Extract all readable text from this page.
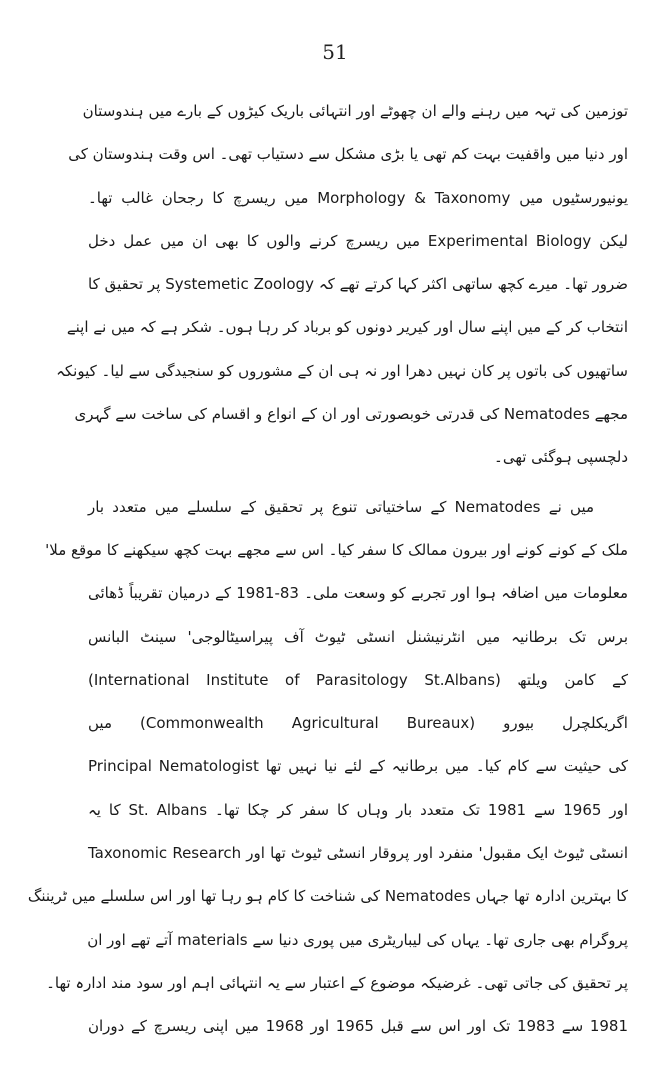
51
توزمین کی تہہ میں رہنے والے ان چھوٹے اور انتہائی باریک کیڑوں کے بارے میں ہندوستان
اور دنیا میں واقفیت بہت کم تھی یا بڑی مشکل سے دستیاب تھی۔ اس وقت ہندوستان کی
یونیورسٹیوں میں Morphology & Taxonomy میں ریسرچ کا رجحان غالب تھا۔
لیکن Experimental Biology میں ریسرچ کرنے والوں کا بھی ان میں عمل دخل
ضرور تھا۔ میرے کچھ ساتھی اکثر کہا کرتے تھے کہ Systemetic Zoology پر تحقیق کا
انتخاب کر کے میں اپنے سال اور کیریر دونوں کو برباد کر رہا ہوں۔ شکر ہے کہ میں نے اپنے
ساتھیوں کی باتوں پر کان نہیں دھرا اور نہ ہی ان کے مشوروں کو سنجیدگی سے لیا۔ کیونکہ
مجھے Nematodes کی قدرتی خوبصورتی اور ان کے انواع و اقسام کی ساخت سے گہری
دلچسپی ہوگئی تھی۔
میں نے Nematodes کے ساختیاتی تنوع پر تحقیق کے سلسلے میں متعدد بار
ملک کے کونے کونے اور بیرون ممالک کا سفر کیا۔ اس سے مجھے بہت کچھ سیکھنے کا موقع ملا'
معلومات میں اضافہ ہوا اور تجربے کو وسعت ملی۔ 83-1981 کے درمیان تقریباً ڈھائی
برس تک برطانیہ میں انٹرنیشنل انسٹی ٹیوٹ آف پیراسیٹالوجی' سینٹ البانس
(International Institute of Parasitology St.Albans) کے کامن ویلتھ
اگریکلچرل بیورو (Commonwealth Agricultural Bureaux) میں
Principal Nematologist کی حیثیت سے کام کیا۔ میں برطانیہ کے لئے نیا نہیں تھا
اور 1965 سے 1981 تک متعدد بار وہاں کا سفر کر چکا تھا۔ St. Albans کا یہ
انسٹی ٹیوٹ ایک مقبول' منفرد اور پروقار انسٹی ٹیوٹ تھا اور Taxonomic Research
کا بہترین ادارہ تھا جہاں Nematodes کی شناخت کا کام ہو رہا تھا اور اس سلسلے میں ٹریننگ
پروگرام بھی جاری تھا۔ یہاں کی لیباریٹری میں پوری دنیا سے materials آتے تھے اور ان
پر تحقیق کی جاتی تھی۔ غرضیکہ موضوع کے اعتبار سے یہ انتہائی اہم اور سود مند ادارہ تھا۔
1981 سے 1983 تک اور اس سے قبل 1965 اور 1968 میں اپنی ریسرچ کے دوران
